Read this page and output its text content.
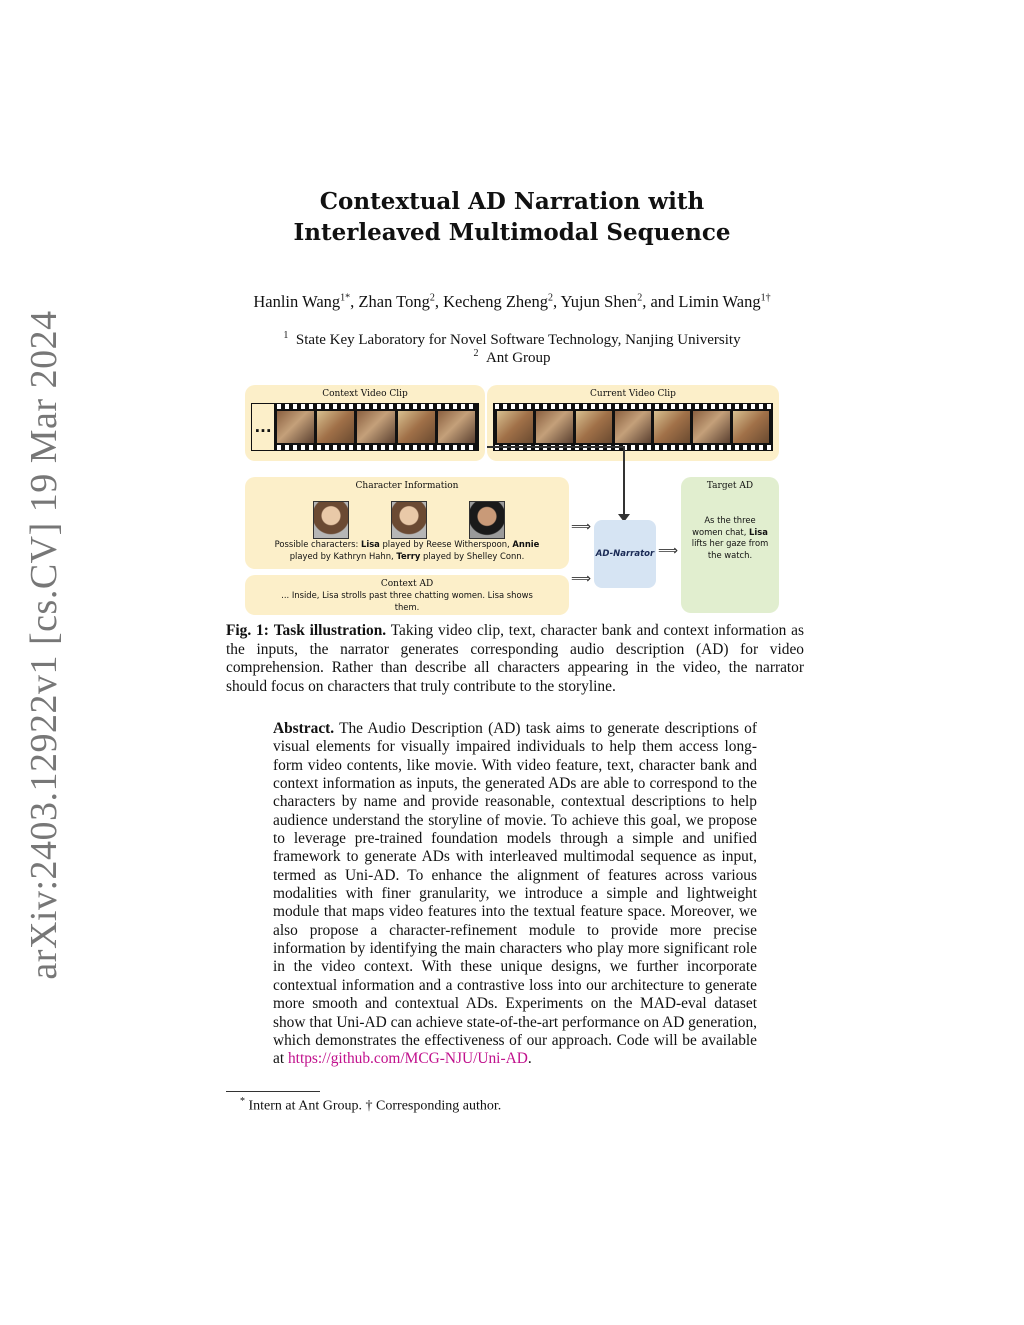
arXiv:2403.12922v1 [cs.CV] 19 Mar 2024
Contextual AD Narration with
Interleaved Multimodal Sequence
Hanlin Wang$^{1*}$, Zhan Tong$^2$, Kecheng Zheng$^2$, Yujun Shen$^2$, and Limin Wang$^{1\dagger}$
$^1$ State Key Laboratory for Novel Software Technology, Nanjing University
$^2$ Ant Group
Context Video Clip
...
Current Video Clip
Character Information
Possible characters: Lisa played by Reese Witherspoon, Annie
played by Kathryn Hahn, Terry played by Shelley Conn.
Context AD
... Inside, Lisa strolls past three chatting women. Lisa shows them.
⟹
⟹
⟹
AD-Narrator
Target AD
As the three women chat, Lisa lifts her gaze from the watch.
Fig. 1: Task illustration. Taking video clip, text, character bank and context information as the inputs, the narrator generates corresponding audio description (AD) for video comprehension. Rather than describe all characters appearing in the video, the narrator should focus on characters that truly contribute to the storyline.
Abstract. The Audio Description (AD) task aims to generate descriptions of visual elements for visually impaired individuals to help them access long-form video contents, like movie. With video feature, text, character bank and context information as inputs, the generated ADs are able to correspond to the characters by name and provide reasonable, contextual descriptions to help audience understand the storyline of movie. To achieve this goal, we propose to leverage pre-trained foundation models through a simple and unified framework to generate ADs with interleaved multimodal sequence as input, termed as Uni-AD. To enhance the alignment of features across various modalities with finer granularity, we introduce a simple and lightweight module that maps video features into the textual feature space. Moreover, we also propose a character-refinement module to provide more precise information by identifying the main characters who play more significant role in the video context. With these unique designs, we further incorporate contextual information and a contrastive loss into our architecture to generate more smooth and contextual ADs. Experiments on the MAD-eval dataset show that Uni-AD can achieve state-of-the-art performance on AD generation, which demonstrates the effectiveness of our approach. Code will be available at https://github.com/MCG-NJU/Uni-AD.
* Intern at Ant Group. † Corresponding author.
